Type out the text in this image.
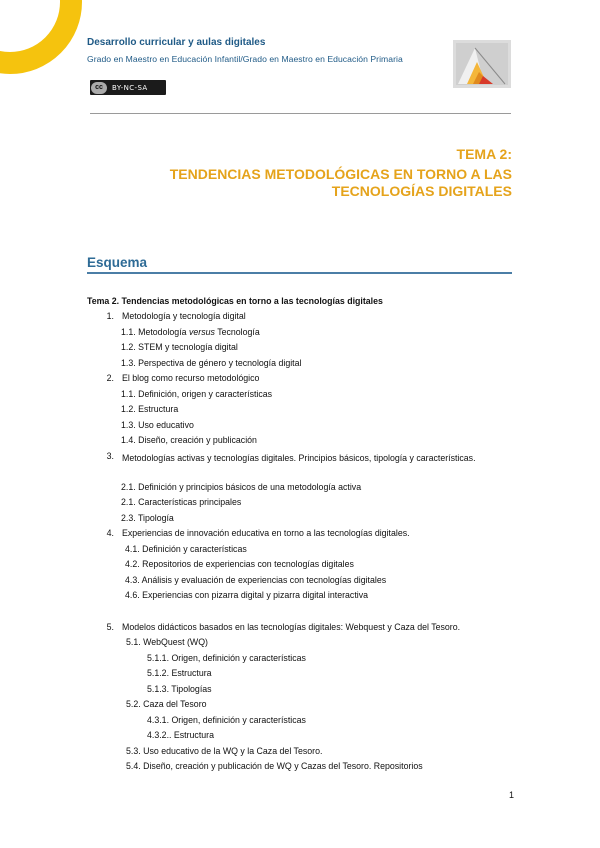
Desarrollo curricular y aulas digitales
Grado en Maestro en Educación Infantil/Grado en Maestro en Educación Primaria
cc	BY-NC-SA
TEMA 2:
TENDENCIAS METODOLÓGICAS EN TORNO A LAS TECNOLOGÍAS DIGITALES
Esquema
Tema 2. Tendencias metodológicas en torno a las tecnologías digitales
1. Metodología y tecnología digital
1.1. Metodología versus Tecnología
1.2. STEM y tecnología digital
1.3. Perspectiva de género y tecnología digital
2. El blog como recurso metodológico
1.1. Definición, origen y características
1.2. Estructura
1.3. Uso educativo
1.4. Diseño, creación y publicación
3. Metodologías activas y tecnologías digitales. Principios básicos, tipología y características.
2.1. Definición y principios básicos de una metodología activa
2.1. Características principales
2.3. Tipología
4. Experiencias de innovación educativa en torno a las tecnologías digitales.
4.1. Definición y características
4.2. Repositorios de experiencias con tecnologías digitales
4.3. Análisis y evaluación de experiencias con tecnologías digitales
4.6. Experiencias con pizarra digital y pizarra digital interactiva
5. Modelos didácticos basados en las tecnologías digitales: Webquest y Caza del Tesoro.
5.1. WebQuest (WQ)
5.1.1. Origen, definición y características
5.1.2. Estructura
5.1.3. Tipologías
5.2. Caza del Tesoro
4.3.1. Origen, definición y características
4.3.2.. Estructura
5.3. Uso educativo de la WQ y la Caza del Tesoro.
5.4. Diseño, creación y publicación de WQ y Cazas del Tesoro. Repositorios
1
